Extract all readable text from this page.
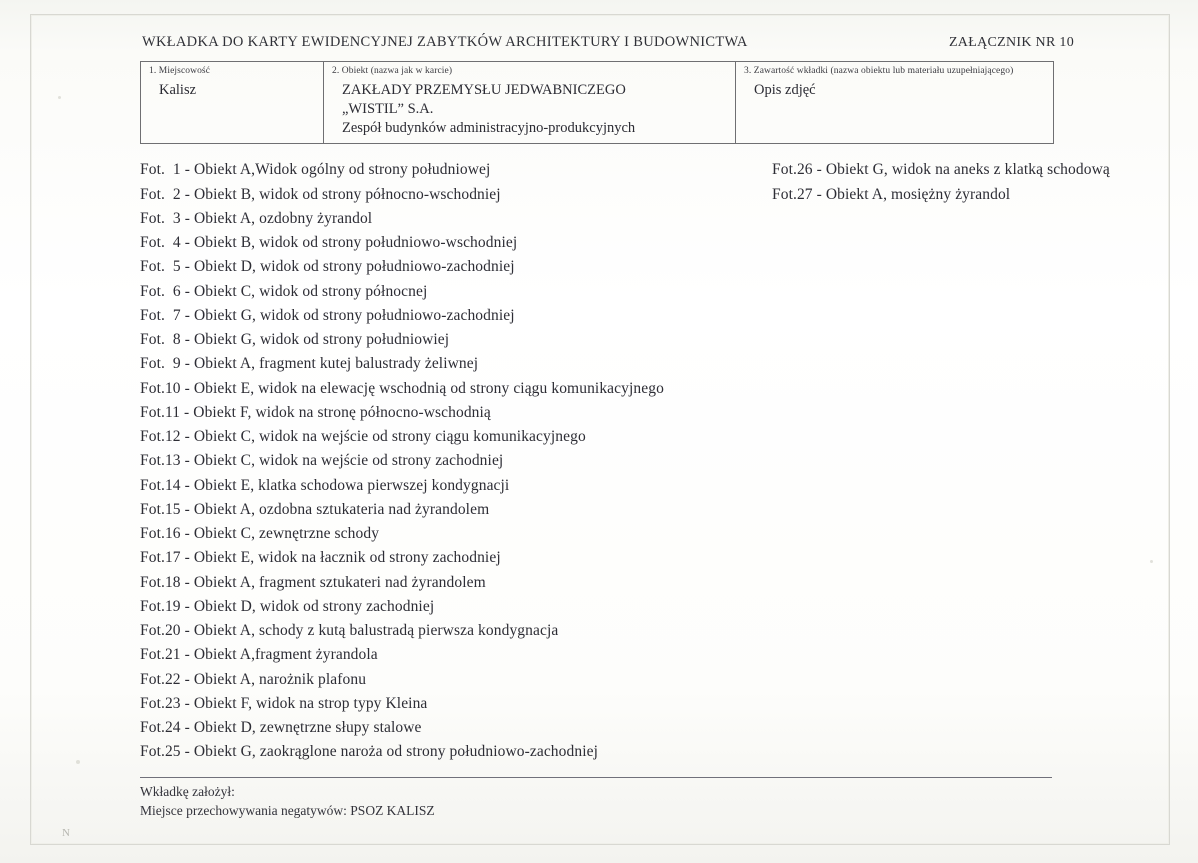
WKŁADKA DO KARTY EWIDENCYJNEJ ZABYTKÓW ARCHITEKTURY I BUDOWNICTWA	ZAŁĄCZNIK NR 10
1. Miejscowość
Kalisz
2. Obiekt (nazwa jak w karcie)
ZAKŁADY PRZEMYSŁU JEDWABNICZEGO
„WISTIL” S.A.
Zespół budynków administracyjno-produkcyjnych
3. Zawartość wkładki (nazwa obiektu lub materiału uzupełniającego)
Opis zdjęć
Fot.  1 - Obiekt A,Widok ogólny od strony południowej
Fot.  2 - Obiekt B, widok od strony północno-wschodniej
Fot.  3 - Obiekt A, ozdobny żyrandol
Fot.  4 - Obiekt B, widok od strony południowo-wschodniej
Fot.  5 - Obiekt D, widok od strony południowo-zachodniej
Fot.  6 - Obiekt C, widok od strony północnej
Fot.  7 - Obiekt G, widok od strony południowo-zachodniej
Fot.  8 - Obiekt G, widok od strony południowiej
Fot.  9 - Obiekt A, fragment kutej balustrady żeliwnej
Fot.10 - Obiekt E, widok na elewację wschodnią od strony ciągu komunikacyjnego
Fot.11 - Obiekt F, widok na stronę północno-wschodnią
Fot.12 - Obiekt C, widok na wejście od strony ciągu komunikacyjnego
Fot.13 - Obiekt C, widok na wejście od strony zachodniej
Fot.14 - Obiekt E, klatka schodowa pierwszej kondygnacji
Fot.15 - Obiekt A, ozdobna sztukateria nad żyrandolem
Fot.16 - Obiekt C, zewnętrzne schody
Fot.17 - Obiekt E, widok na łacznik od strony zachodniej
Fot.18 - Obiekt A, fragment sztukateri nad żyrandolem
Fot.19 - Obiekt D, widok od strony zachodniej
Fot.20 - Obiekt A, schody z kutą balustradą pierwsza kondygnacja
Fot.21 - Obiekt A,fragment żyrandola
Fot.22 - Obiekt A, narożnik plafonu
Fot.23 - Obiekt F, widok na strop typy Kleina
Fot.24 - Obiekt D, zewnętrzne słupy stalowe
Fot.25 - Obiekt G, zaokrąglone naroża od strony południowo-zachodniej
Fot.26 - Obiekt G, widok na aneks z klatką schodową
Fot.27 - Obiekt A, mosiężny żyrandol
Wkładkę założył:
Miejsce przechowywania negatywów: PSOZ KALISZ
N
